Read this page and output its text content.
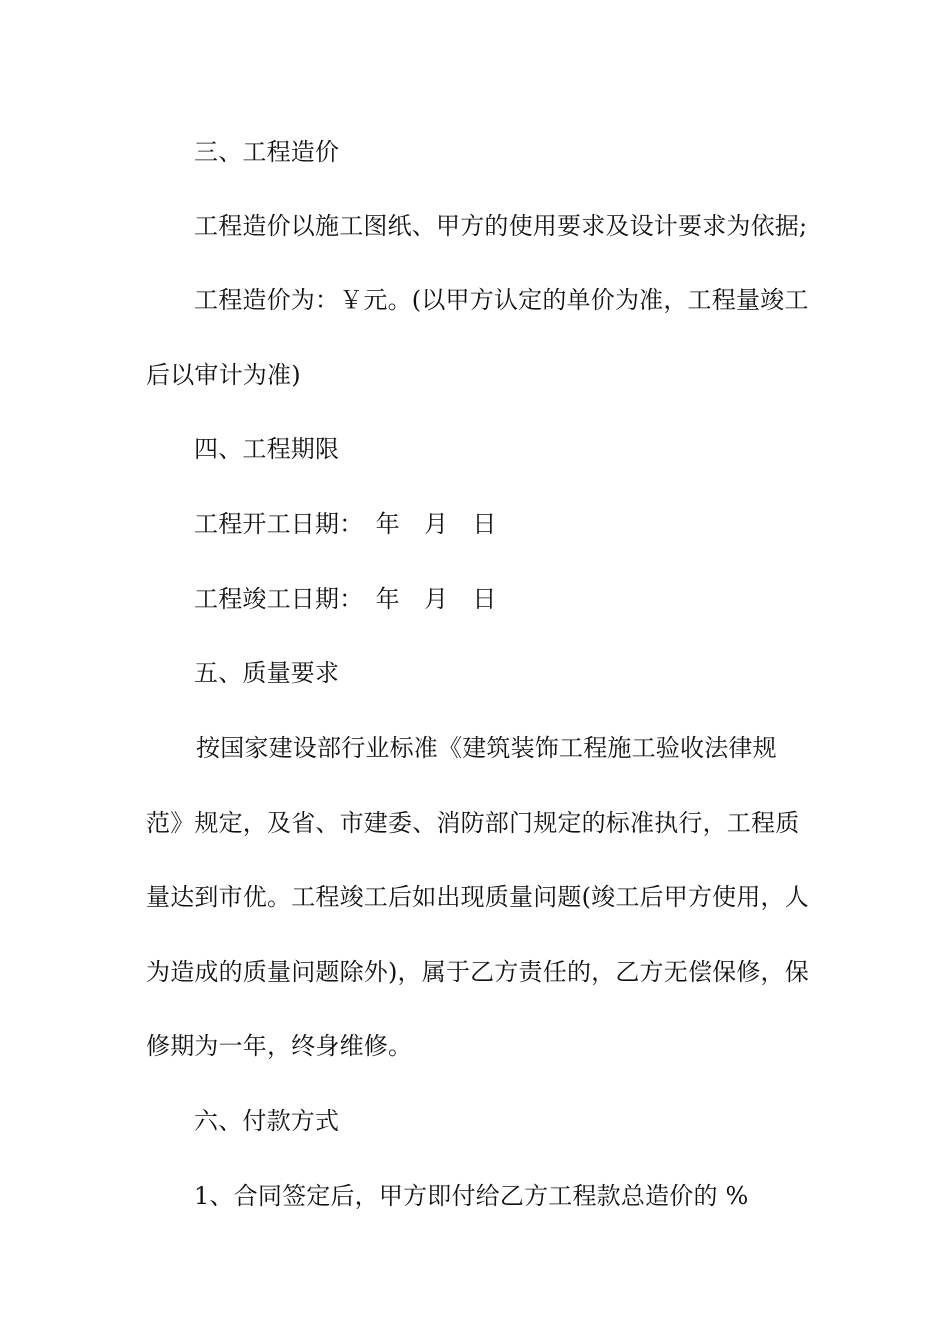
三、工程造价
工程造价以施工图纸、甲方的使用要求及设计要求为依据;
工程造价为：￥元。(以甲方认定的单价为准，工程量竣工
后以审计为准)
四、工程期限
工程开工日期：　年　月　日
工程竣工日期：　年　月　日
五、质量要求
按国家建设部行业标准《建筑装饰工程施工验收法律规
范》规定，及省、市建委、消防部门规定的标准执行，工程质
量达到市优。工程竣工后如出现质量问题(竣工后甲方使用，人
为造成的质量问题除外)，属于乙方责任的，乙方无偿保修，保
修期为一年，终身维修。
六、付款方式
1、合同签定后，甲方即付给乙方工程款总造价的 %
